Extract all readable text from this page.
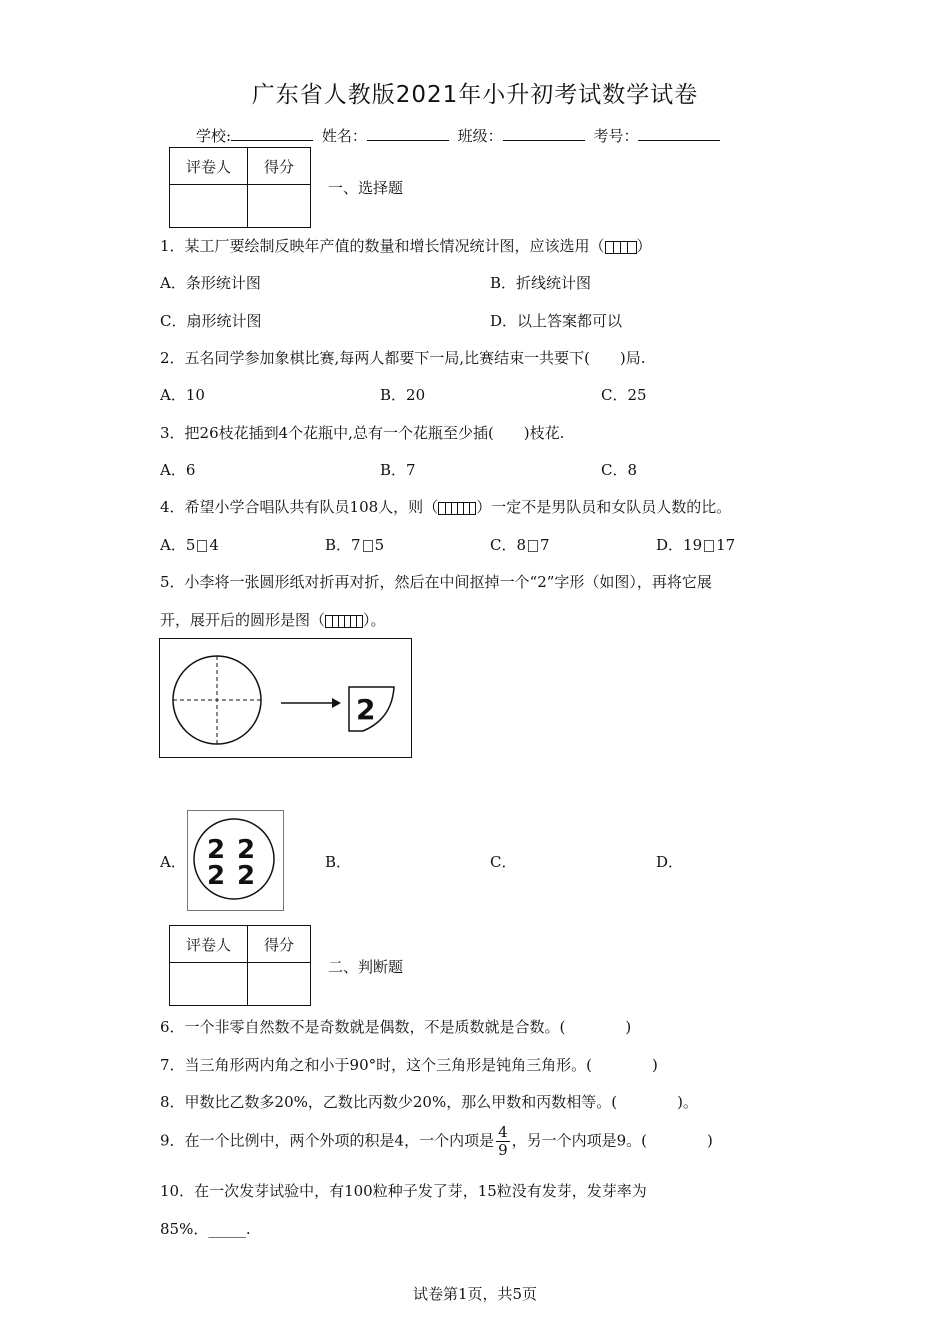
广东省人教版2021年小升初考试数学试卷
学校:	姓名：	班级：	考号：
评卷人	得分

一、选择题
1．某工厂要绘制反映年产值的数量和增长情况统计图，应该选用（ ）
A．条形统计图	B．折线统计图
C．扇形统计图	D．以上答案都可以
2．五名同学参加象棋比赛,每两人都要下一局,比赛结束一共要下(　　)局.
A．10	B．20	C．25
3．把26枝花插到4个花瓶中,总有一个花瓶至少插(　　)枝花.
A．6	B．7	C．8
4．希望小学合唱队共有队员108人，则（	）一定不是男队员和女队员人数的比。
A．5 4	B．7 5	C．8 7	D．19 17
5．小李将一张圆形纸对折再对折，然后在中间抠掉一个“2”字形（如图），再将它展
开，展开后的圆形是图（	）。
2
A． 2 2
2 2	B．	C．	D．
评卷人	得分

二、判断题
6．一个非零自然数不是奇数就是偶数，不是质数就是合数。(　　　　)
7．当三角形两内角之和小于90°时，这个三角形是钝角三角形。(　　　　)
8．甲数比乙数多20%，乙数比丙数少20%，那么甲数和丙数相等。(　　　　)。
9．在一个比例中，两个外项的积是4，一个内项是 $\frac{4}{9}$ ，另一个内项是9。(　　　　)
10．在一次发芽试验中，有100粒种子发了芽，15粒没有发芽，发芽率为
85%．_____.
试卷第1页，共5页
